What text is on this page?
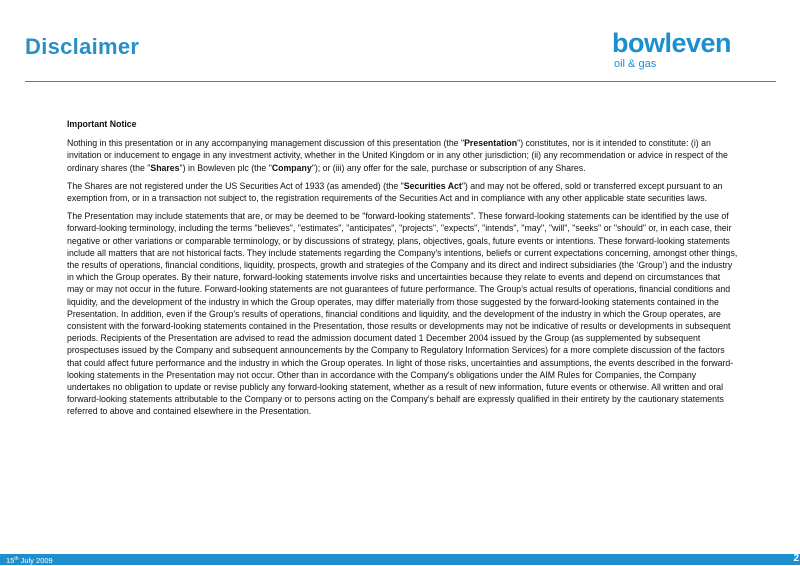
Disclaimer	bowleven
oil & gas

Important Notice

Nothing in this presentation or in any accompanying management discussion of this presentation (the "Presentation") constitutes, nor is it intended to constitute: (i) an invitation or inducement to engage in any investment activity, whether in the United Kingdom or in any other jurisdiction; (ii) any recommendation or advice in respect of the ordinary shares (the "Shares") in Bowleven plc (the "Company"); or (iii) any offer for the sale, purchase or subscription of any Shares.

The Shares are not registered under the US Securities Act of 1933 (as amended) (the "Securities Act") and may not be offered, sold or transferred except pursuant to an exemption from, or in a transaction not subject to, the registration requirements of the Securities Act and in compliance with any other applicable state securities laws.

The Presentation may include statements that are, or may be deemed to be "forward-looking statements". These forward-looking statements can be identified by the use of forward-looking terminology, including the terms "believes", "estimates", "anticipates", "projects", "expects", "intends", "may", "will", "seeks" or "should" or, in each case, their negative or other variations or comparable terminology, or by discussions of strategy, plans, objectives, goals, future events or intentions. These forward-looking statements include all matters that are not historical facts. They include statements regarding the Company's intentions, beliefs or current expectations concerning, amongst other things, the results of operations, financial conditions, liquidity, prospects, growth and strategies of the Company and its direct and indirect subsidiaries (the ‘Group’) and the industry in which the Group operates. By their nature, forward-looking statements involve risks and uncertainties because they relate to events and depend on circumstances that may or may not occur in the future. Forward-looking statements are not guarantees of future performance. The Group’s actual results of operations, financial conditions and liquidity, and the development of the industry in which the Group operates, may differ materially from those suggested by the forward-looking statements contained in the Presentation. In addition, even if the Group’s results of operations, financial conditions and liquidity, and the development of the industry in which the Group operates, are consistent with the forward-looking statements contained in the Presentation, those results or developments may not be indicative of results or developments in subsequent periods. Recipients of the Presentation are advised to read the admission document dated 1 December 2004 issued by the Group (as supplemented by subsequent prospectuses issued by the Company and subsequent announcements by the Company to Regulatory Information Services) for a more complete discussion of the factors that could affect future performance and the industry in which the Group operates. In light of those risks, uncertainties and assumptions, the events described in the forward-looking statements in the Presentation may not occur. Other than in accordance with the Company's obligations under the AIM Rules for Companies, the Company undertakes no obligation to update or revise publicly any forward-looking statement, whether as a result of new information, future events or otherwise. All written and oral forward-looking statements attributable to the Company or to persons acting on the Company's behalf are expressly qualified in their entirety by the cautionary statements referred to above and contained elsewhere in the Presentation.

15th July 2009	2
